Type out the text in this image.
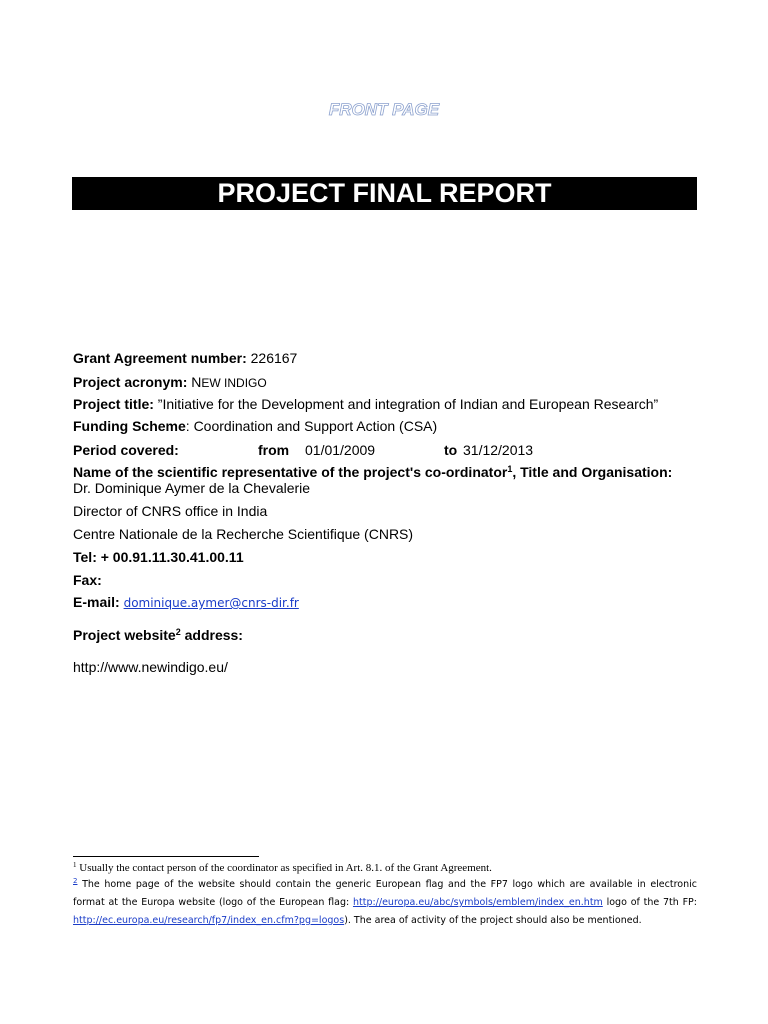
FRONT PAGE
PROJECT FINAL REPORT
Grant Agreement number: 226167
Project acronym: NEW INDIGO
Project title: ”Initiative for the Development and integration of Indian and European Research”
Funding Scheme: Coordination and Support Action (CSA)
Period covered:	from 01/01/2009	to 31/12/2013
Name of the scientific representative of the project's co-ordinator$^1$, Title and Organisation:
Dr. Dominique Aymer de la Chevalerie
Director of CNRS office in India
Centre Nationale de la Recherche Scientifique (CNRS)
Tel: + 00.91.11.30.41.00.11
Fax:
E-mail: dominique.aymer@cnrs-dir.fr
Project website$^2$ address:
http://www.newindigo.eu/
$^1$ Usually the contact person of the coordinator as specified in Art. 8.1. of the Grant Agreement.
$^2$ The home page of the website should contain the generic European flag and the FP7 logo which are available in electronic format at the Europa website (logo of the European flag: http://europa.eu/abc/symbols/emblem/index_en.htm logo of the 7th FP: http://ec.europa.eu/research/fp7/index_en.cfm?pg=logos). The area of activity of the project should also be mentioned.
